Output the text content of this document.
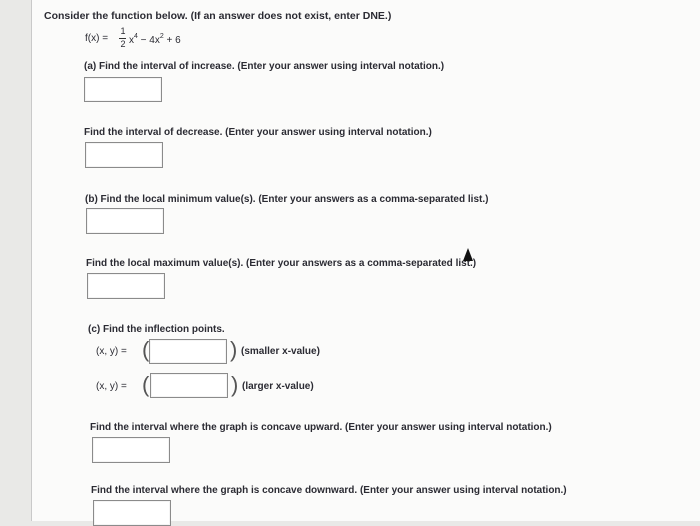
Consider the function below. (If an answer does not exist, enter DNE.)
f(x) =
1
2 $x^4 - 4x^2 + 6$
(a) Find the interval of increase. (Enter your answer using interval notation.)
Find the interval of decrease. (Enter your answer using interval notation.)
(b) Find the local minimum value(s). (Enter your answers as a comma-separated list.)
Find the local maximum value(s). (Enter your answers as a comma-separated list.)
(c) Find the inflection points.
(x, y) = (	) (smaller x-value)
(x, y) = (	) (larger x-value)
Find the interval where the graph is concave upward. (Enter your answer using interval notation.)
Find the interval where the graph is concave downward. (Enter your answer using interval notation.)
